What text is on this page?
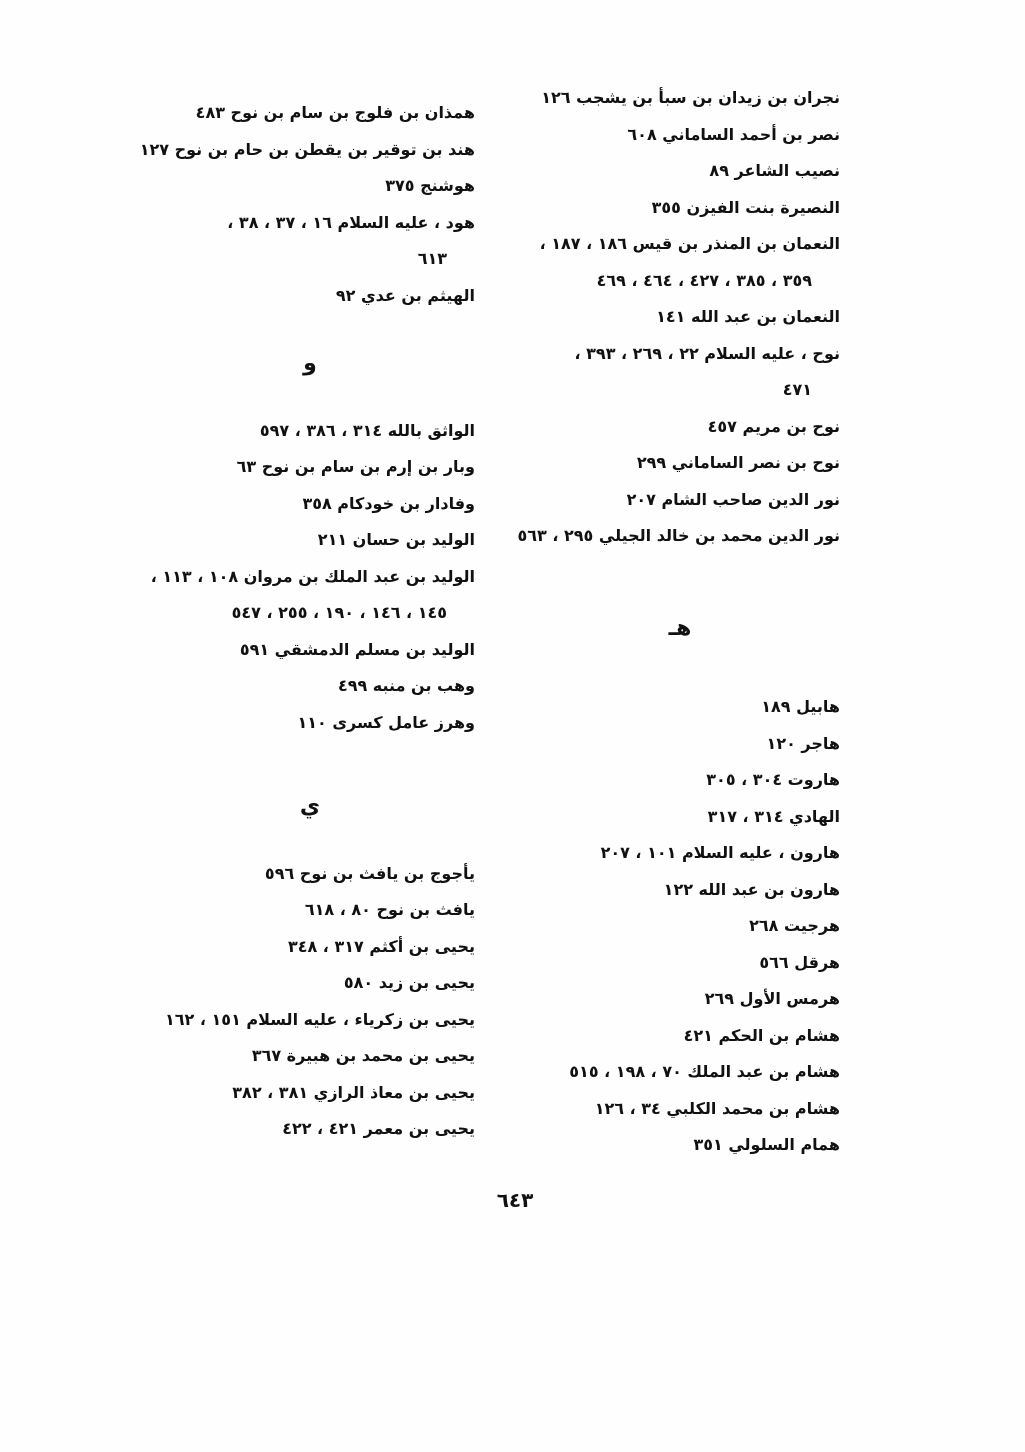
نجران بن زيدان بن سبأ بن يشجب ١٢٦
نصر بن أحمد الساماني ٦٠٨
نصيب الشاعر ٨٩
النصيرة بنت الفيزن ٣٥٥
النعمان بن المنذر بن قيس ١٨٦ ، ١٨٧ ،
٣٥٩ ، ٣٨٥ ، ٤٢٧ ، ٤٦٤ ، ٤٦٩
النعمان بن عبد الله ١٤١
نوح ، عليه السلام ٢٢ ، ٢٦٩ ، ٣٩٣ ،
٤٧١
نوح بن مريم ٤٥٧
نوح بن نصر الساماني ٢٩٩
نور الدين صاحب الشام ٢٠٧
نور الدين محمد بن خالد الجيلي ٢٩٥ ، ٥٦٣
هـ
هابيل ١٨٩
هاجر ١٢٠
هاروت ٣٠٤ ، ٣٠٥
الهادي ٣١٤ ، ٣١٧
هارون ، عليه السلام ١٠١ ، ٢٠٧
هارون بن عبد الله ١٢٢
هرجيت ٢٦٨
هرقل ٥٦٦
هرمس الأول ٢٦٩
هشام بن الحكم ٤٢١
هشام بن عبد الملك ٧٠ ، ١٩٨ ، ٥١٥
هشام بن محمد الكلبي ٣٤ ، ١٢٦
همام السلولي ٣٥١
همذان بن فلوج بن سام بن نوح ٤٨٣
هند بن توقير بن يقطن بن حام بن نوح ١٢٧
هوشنج ٣٧٥
هود ، عليه السلام ١٦ ، ٣٧ ، ٣٨ ،
٦١٣
الهيثم بن عدي ٩٢
و
الواثق بالله ٣١٤ ، ٣٨٦ ، ٥٩٧
وبار بن إرم بن سام بن نوح ٦٣
وفادار بن خودكام ٣٥٨
الوليد بن حسان ٢١١
الوليد بن عبد الملك بن مروان ١٠٨ ، ١١٣ ،
١٤٥ ، ١٤٦ ، ١٩٠ ، ٢٥٥ ، ٥٤٧
الوليد بن مسلم الدمشقي ٥٩١
وهب بن منبه ٤٩٩
وهرز عامل كسرى ١١٠
ي
يأجوج بن يافث بن نوح ٥٩٦
يافث بن نوح ٨٠ ، ٦١٨
يحيى بن أكثم ٣١٧ ، ٣٤٨
يحيى بن زيد ٥٨٠
يحيى بن زكرياء ، عليه السلام ١٥١ ، ١٦٢
يحيى بن محمد بن هبيرة ٣٦٧
يحيى بن معاذ الرازي ٣٨١ ، ٣٨٢
يحيى بن معمر ٤٢١ ، ٤٢٢
٦٤٣
